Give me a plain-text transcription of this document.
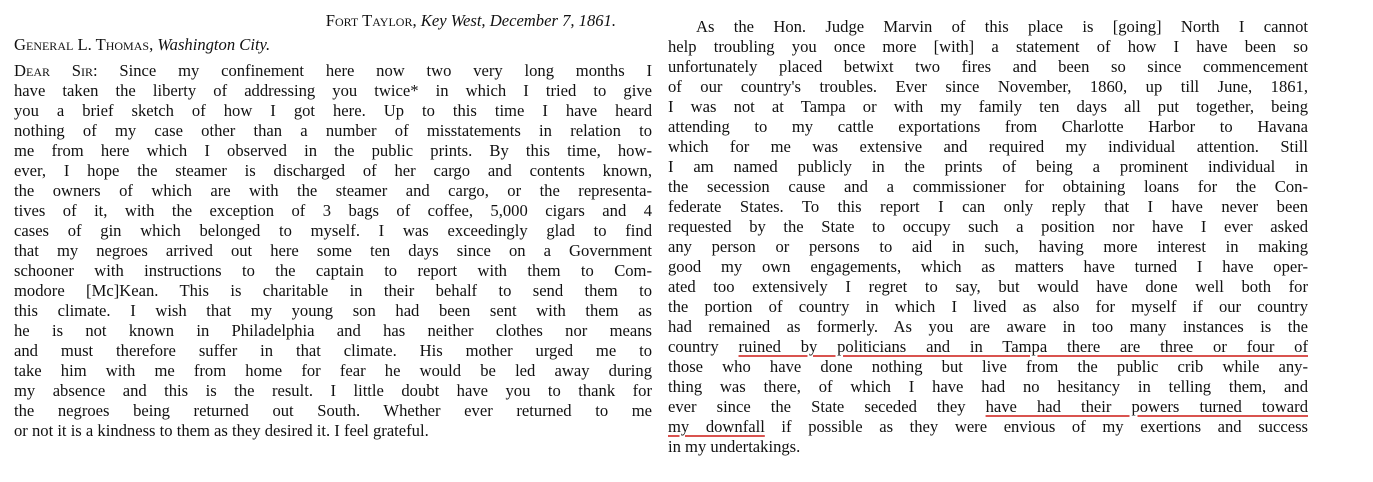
Fort Taylor, Key West, December 7, 1861.
General L. Thomas, Washington City.
Dear Sir: Since my confinement here now two very long months I
have taken the liberty of addressing you twice* in which I tried to give
you a brief sketch of how I got here. Up to this time I have heard
nothing of my case other than a number of misstatements in relation to
me from here which I observed in the public prints. By this time, how-
ever, I hope the steamer is discharged of her cargo and contents known,
the owners of which are with the steamer and cargo, or the representa-
tives of it, with the exception of 3 bags of coffee, 5,000 cigars and 4
cases of gin which belonged to myself. I was exceedingly glad to find
that my negroes arrived out here some ten days since on a Government
schooner with instructions to the captain to report with them to Com-
modore [Mc]Kean. This is charitable in their behalf to send them to
this climate. I wish that my young son had been sent with them as
he is not known in Philadelphia and has neither clothes nor means
and must therefore suffer in that climate. His mother urged me to
take him with me from home for fear he would be led away during
my absence and this is the result. I little doubt have you to thank for
the negroes being returned out South. Whether ever returned to me
or not it is a kindness to them as they desired it. I feel grateful.
As the Hon. Judge Marvin of this place is [going] North I cannot
help troubling you once more [with] a statement of how I have been so
unfortunately placed betwixt two fires and been so since commencement
of our country's troubles. Ever since November, 1860, up till June, 1861,
I was not at Tampa or with my family ten days all put together, being
attending to my cattle exportations from Charlotte Harbor to Havana
which for me was extensive and required my individual attention. Still
I am named publicly in the prints of being a prominent individual in
the secession cause and a commissioner for obtaining loans for the Con-
federate States. To this report I can only reply that I have never been
requested by the State to occupy such a position nor have I ever asked
any person or persons to aid in such, having more interest in making
good my own engagements, which as matters have turned I have oper-
ated too extensively I regret to say, but would have done well both for
the portion of country in which I lived as also for myself if our country
had remained as formerly. As you are aware in too many instances is the
country ruined by politicians and in Tampa there are three or four of
those who have done nothing but live from the public crib while any-
thing was there, of which I have had no hesitancy in telling them, and
ever since the State seceded they have had their powers turned toward
my downfall if possible as they were envious of my exertions and success
in my undertakings.
